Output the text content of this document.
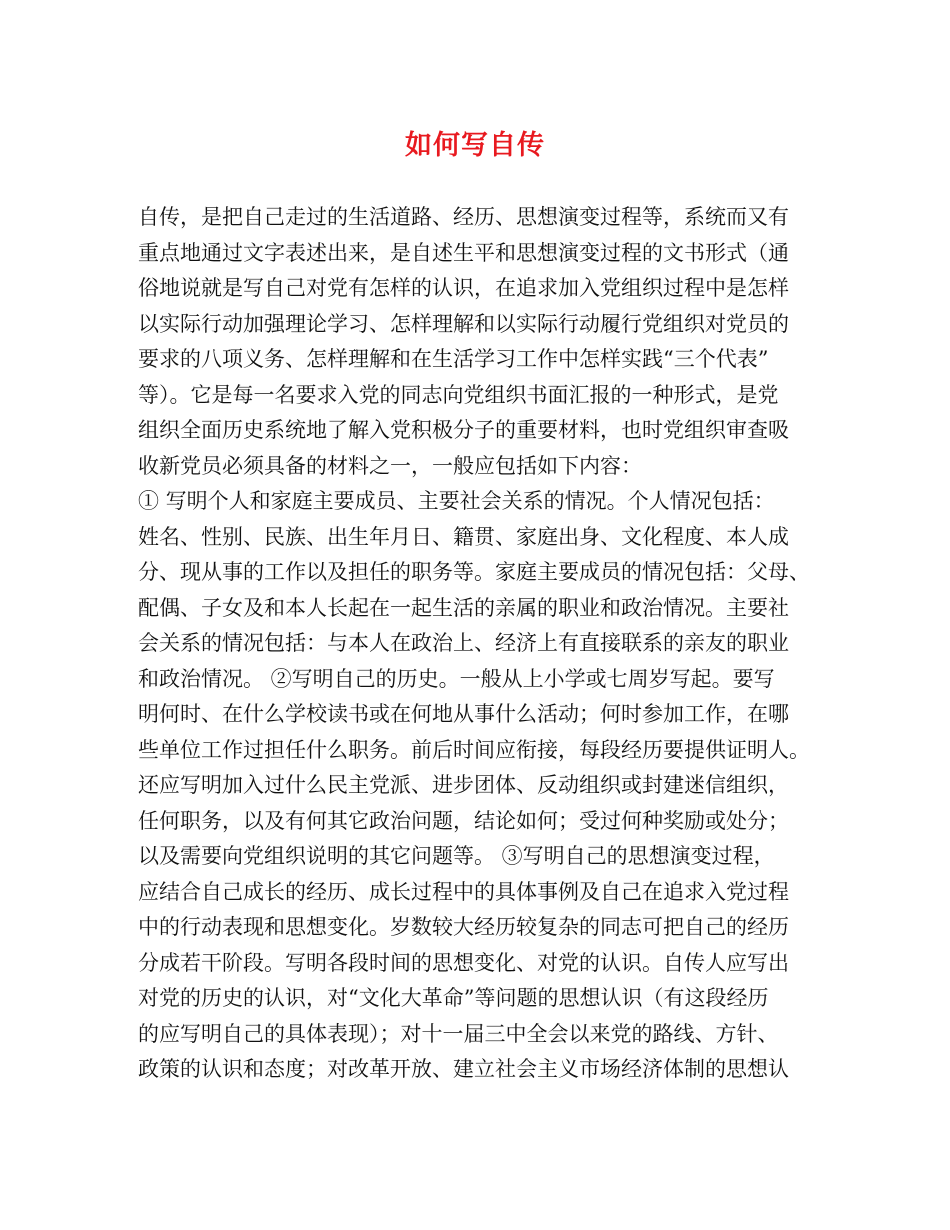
如何写自传
自传，是把自己走过的生活道路、经历、思想演变过程等，系统而又有
重点地通过文字表述出来，是自述生平和思想演变过程的文书形式（通
俗地说就是写自己对党有怎样的认识，在追求加入党组织过程中是怎样
以实际行动加强理论学习、怎样理解和以实际行动履行党组织对党员的
要求的八项义务、怎样理解和在生活学习工作中怎样实践“三个代表”
等）。它是每一名要求入党的同志向党组织书面汇报的一种形式，是党
组织全面历史系统地了解入党积极分子的重要材料，也时党组织审查吸
收新党员必须具备的材料之一，一般应包括如下内容：
① 写明个人和家庭主要成员、主要社会关系的情况。个人情况包括：
姓名、性别、民族、出生年月日、籍贯、家庭出身、文化程度、本人成
分、现从事的工作以及担任的职务等。家庭主要成员的情况包括：父母、
配偶、子女及和本人长起在一起生活的亲属的职业和政治情况。主要社
会关系的情况包括：与本人在政治上、经济上有直接联系的亲友的职业
和政治情况。 ②写明自己的历史。一般从上小学或七周岁写起。要写
明何时、在什么学校读书或在何地从事什么活动；何时参加工作，在哪
些单位工作过担任什么职务。前后时间应衔接，每段经历要提供证明人。
还应写明加入过什么民主党派、进步团体、反动组织或封建迷信组织，
任何职务，以及有何其它政治问题，结论如何；受过何种奖励或处分；
以及需要向党组织说明的其它问题等。 ③写明自己的思想演变过程，
应结合自己成长的经历、成长过程中的具体事例及自己在追求入党过程
中的行动表现和思想变化。岁数较大经历较复杂的同志可把自己的经历
分成若干阶段。写明各段时间的思想变化、对党的认识。自传人应写出
对党的历史的认识，对“文化大革命”等问题的思想认识（有这段经历
的应写明自己的具体表现）；对十一届三中全会以来党的路线、方针、
政策的认识和态度；对改革开放、建立社会主义市场经济体制的思想认
